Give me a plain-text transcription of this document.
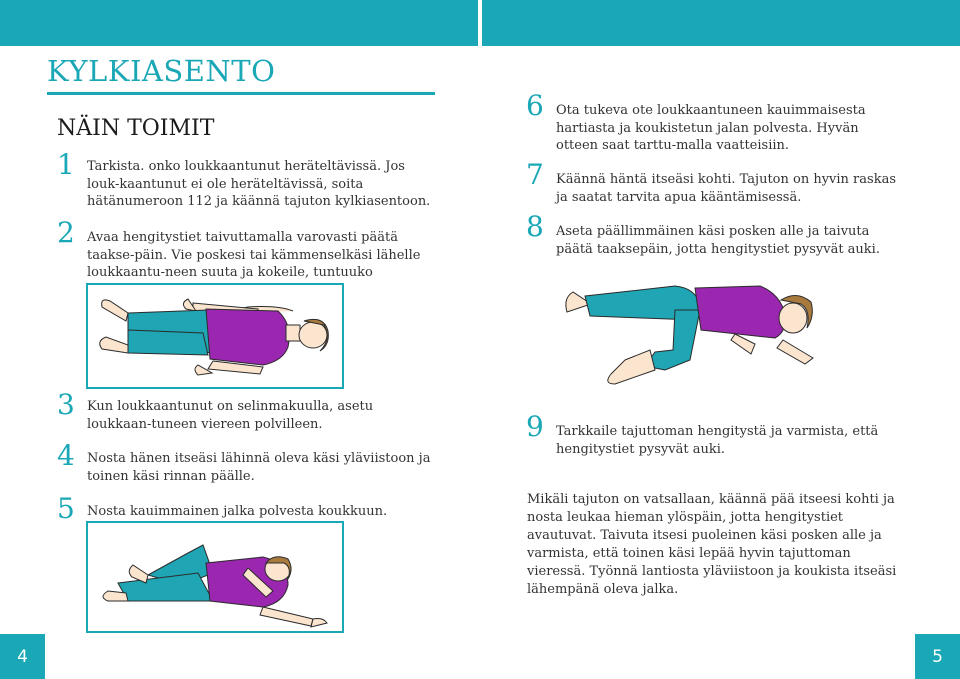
KYLKIASENTO
NÄIN TOIMIT
1 Tarkista. onko loukkaantunut heräteltävissä. Jos louk-kaantunut ei ole heräteltävissä, soita hätänumeroon 112 ja käännä tajuton kylkiasentoon.
2 Avaa hengitystiet taivuttamalla varovasti päätä taakse-päin. Vie poskesi tai kämmenselkäsi lähelle loukkaantu-neen suuta ja kokeile, tuntuuko
3 Kun loukkaantunut on selinmakuulla, asetu loukkaan-tuneen viereen polvilleen.
4 Nosta hänen itseäsi lähinnä oleva käsi yläviistoon ja toinen käsi rinnan päälle.
5 Nosta kauimmainen jalka polvesta koukkuun.
4
6 Ota tukeva ote loukkaantuneen kauimmaisesta hartiasta ja koukistetun jalan polvesta. Hyvän otteen saat tarttu-malla vaatteisiin.
7 Käännä häntä itseäsi kohti. Tajuton on hyvin raskas ja saatat tarvita apua kääntämisessä.
8 Aseta päällimmäinen käsi posken alle ja taivuta päätä taaksepäin, jotta hengitystiet pysyvät auki.
9 Tarkkaile tajuttoman hengitystä ja varmista, että hengitystiet pysyvät auki.
Mikäli tajuton on vatsallaan, käännä pää itseesi kohti ja nosta leukaa hieman ylöspäin, jotta hengitystiet avautuvat. Taivuta itsesi puoleinen käsi posken alle ja varmista, että toinen käsi lepää hyvin tajuttoman vieressä. Työnnä lantiosta yläviistoon ja koukista itseäsi lähempänä oleva jalka.
5
